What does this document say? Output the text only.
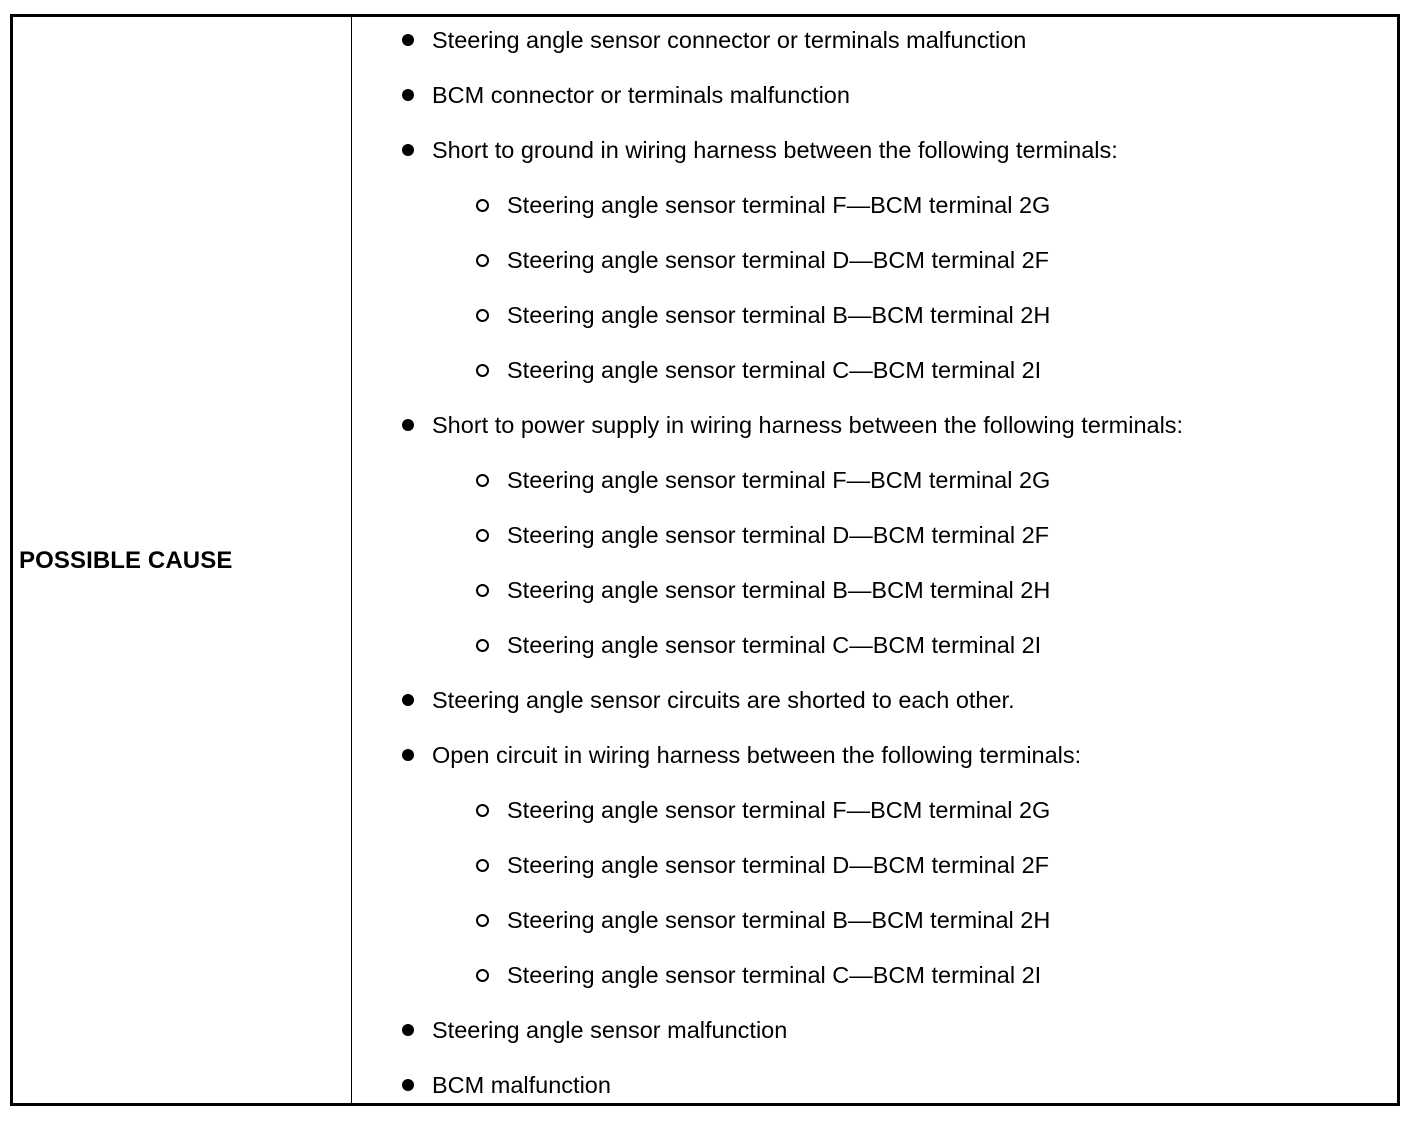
POSSIBLE CAUSE
Steering angle sensor connector or terminals malfunction
BCM connector or terminals malfunction
Short to ground in wiring harness between the following terminals:
Steering angle sensor terminal F—BCM terminal 2G
Steering angle sensor terminal D—BCM terminal 2F
Steering angle sensor terminal B—BCM terminal 2H
Steering angle sensor terminal C—BCM terminal 2I
Short to power supply in wiring harness between the following terminals:
Steering angle sensor terminal F—BCM terminal 2G
Steering angle sensor terminal D—BCM terminal 2F
Steering angle sensor terminal B—BCM terminal 2H
Steering angle sensor terminal C—BCM terminal 2I
Steering angle sensor circuits are shorted to each other.
Open circuit in wiring harness between the following terminals:
Steering angle sensor terminal F—BCM terminal 2G
Steering angle sensor terminal D—BCM terminal 2F
Steering angle sensor terminal B—BCM terminal 2H
Steering angle sensor terminal C—BCM terminal 2I
Steering angle sensor malfunction
BCM malfunction
